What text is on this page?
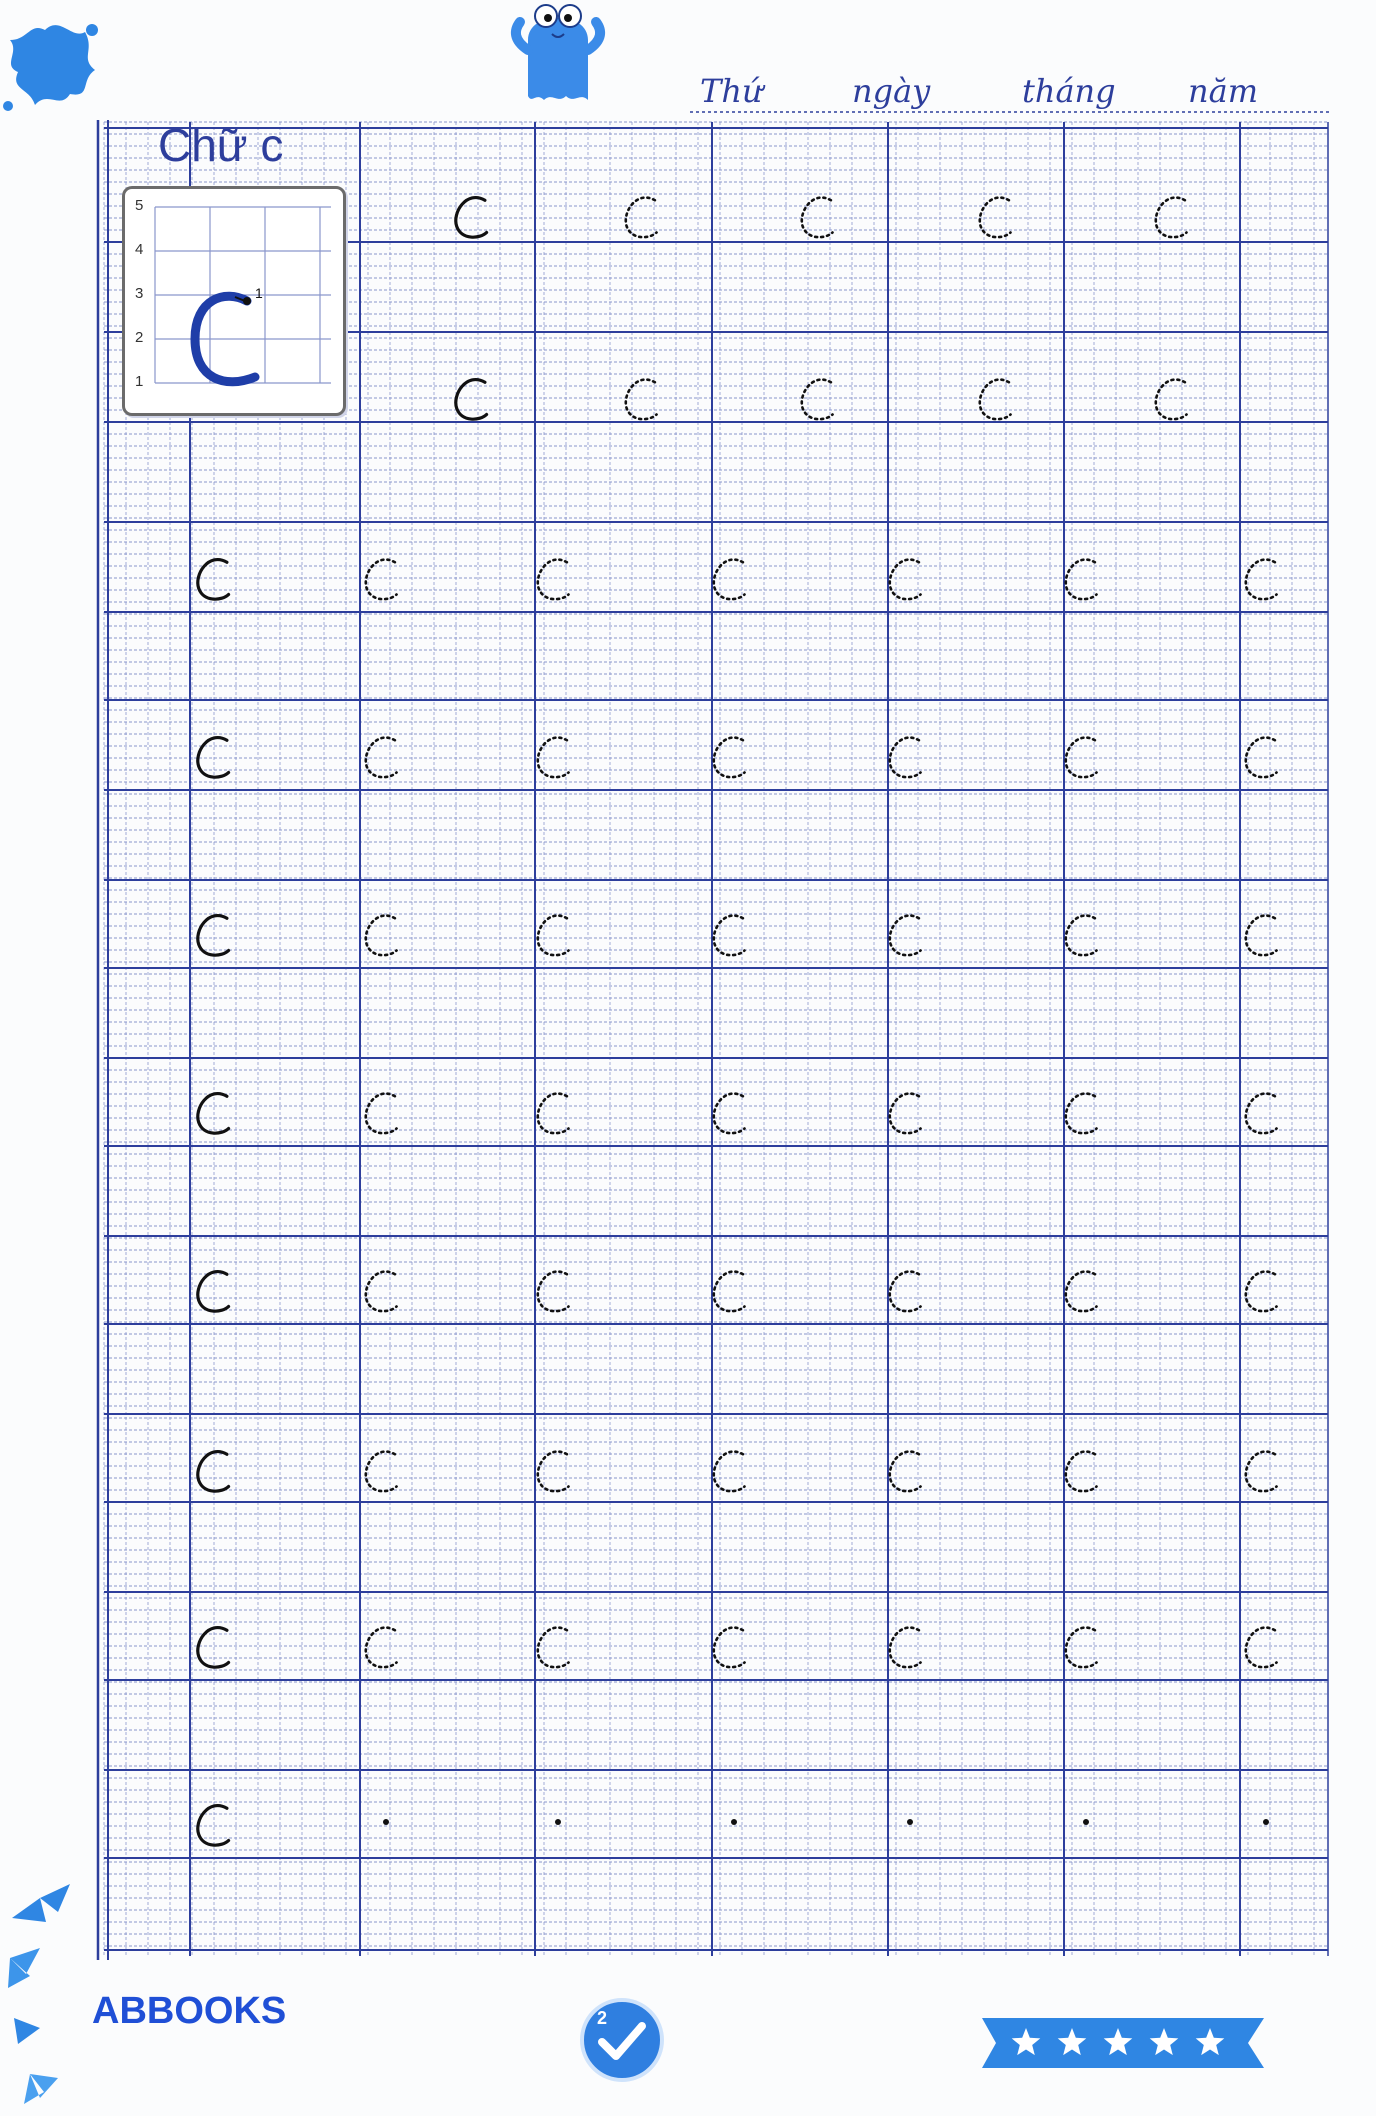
Chữ c
Thứ	ngày	tháng năm
5
4
3
2
1
1
ABBOOKS	2
